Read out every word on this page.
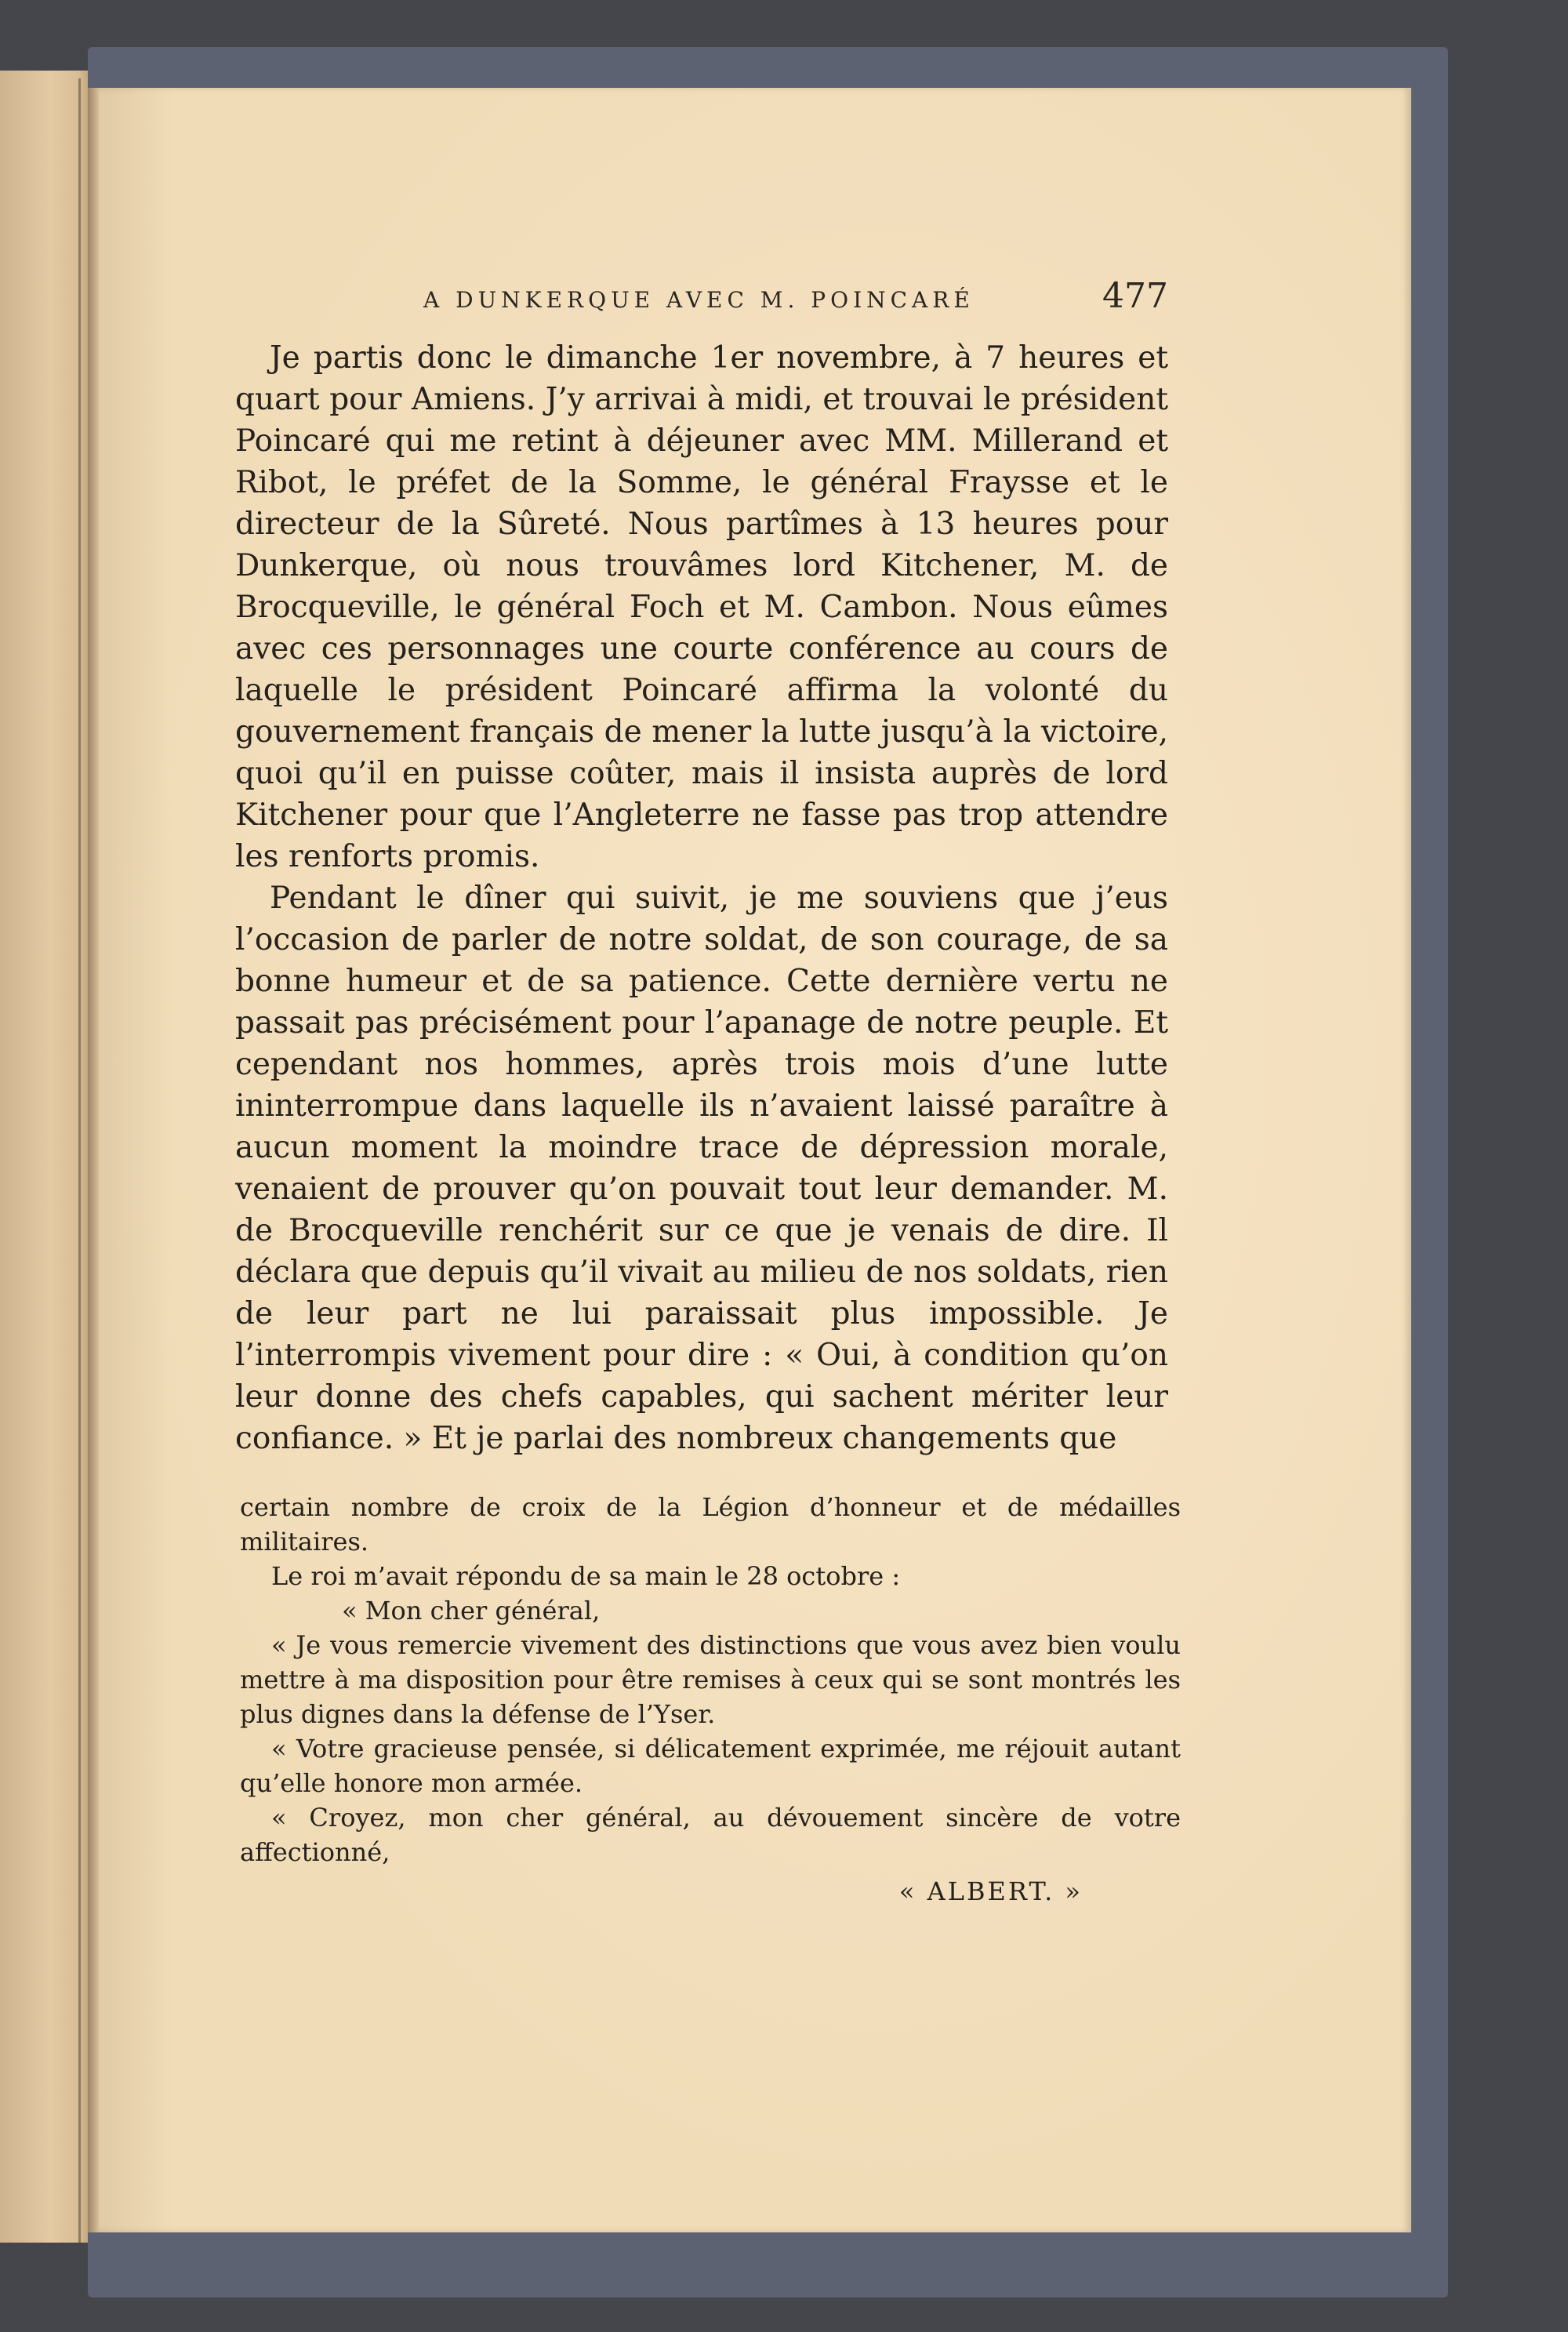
A DUNKERQUE AVEC M. POINCARÉ	477

Je partis donc le dimanche 1er novembre, à 7 heures et quart pour Amiens. J’y arrivai à midi, et trouvai le président Poincaré qui me retint à déjeuner avec MM. Millerand et Ribot, le préfet de la Somme, le général Fraysse et le directeur de la Sûreté. Nous partîmes à 13 heures pour Dunkerque, où nous trouvâmes lord Kitchener, M. de Brocqueville, le général Foch et M. Cambon. Nous eûmes avec ces personnages une courte conférence au cours de laquelle le président Poincaré affirma la volonté du gouvernement français de mener la lutte jusqu’à la victoire, quoi qu’il en puisse coûter, mais il insista auprès de lord Kitchener pour que l’Angleterre ne fasse pas trop attendre les renforts promis.

Pendant le dîner qui suivit, je me souviens que j’eus l’occasion de parler de notre soldat, de son courage, de sa bonne humeur et de sa patience. Cette dernière vertu ne passait pas précisément pour l’apanage de notre peuple. Et cependant nos hommes, après trois mois d’une lutte ininterrompue dans laquelle ils n’avaient laissé paraître à aucun moment la moindre trace de dépression morale, venaient de prouver qu’on pouvait tout leur demander. M. de Brocqueville renchérit sur ce que je venais de dire. Il déclara que depuis qu’il vivait au milieu de nos soldats, rien de leur part ne lui paraissait plus impossible. Je l’interrompis vivement pour dire : « Oui, à condition qu’on leur donne des chefs capables, qui sachent mériter leur confiance. » Et je parlai des nombreux changements que

certain nombre de croix de la Légion d’honneur et de médailles militaires.

Le roi m’avait répondu de sa main le 28 octobre :

« Mon cher général,

« Je vous remercie vivement des distinctions que vous avez bien voulu mettre à ma disposition pour être remises à ceux qui se sont montrés les plus dignes dans la défense de l’Yser.

« Votre gracieuse pensée, si délicatement exprimée, me réjouit autant qu’elle honore mon armée.

« Croyez, mon cher général, au dévouement sincère de votre affectionné,

« ALBERT. »
